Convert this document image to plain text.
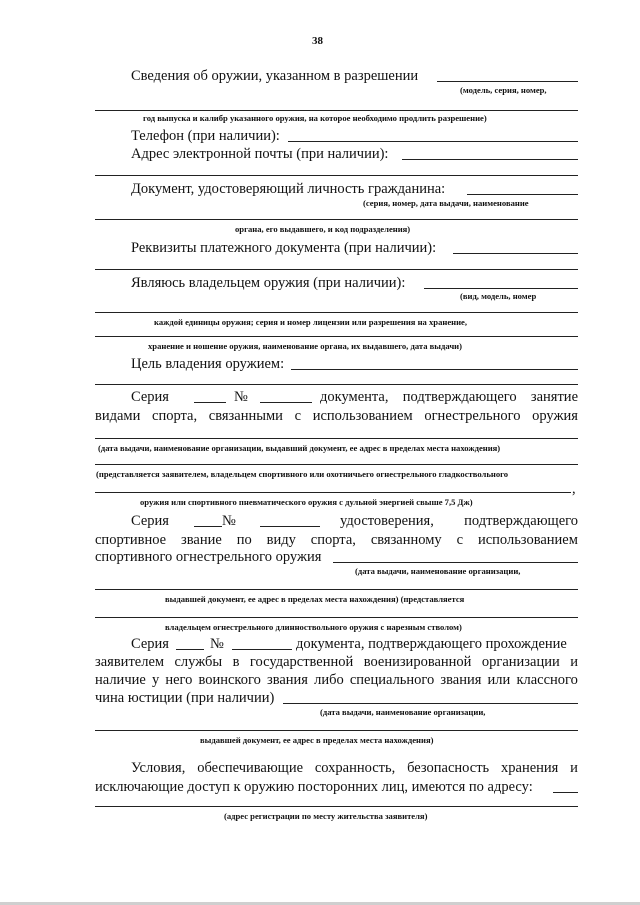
38
Сведения об оружии, указанном в разрешении
(модель, серия, номер,
год выпуска и калибр указанного оружия, на которое необходимо продлить разрешение)
Телефон (при наличии):
Адрес электронной почты (при наличии):
Документ, удостоверяющий личность гражданина:
(серия, номер, дата выдачи, наименование
органа, его выдавшего, и код подразделения)
Реквизиты платежного документа (при наличии):
Являюсь владельцем оружия (при наличии):
(вид, модель, номер
каждой единицы оружия; серия и номер лицензии или разрешения на хранение,
хранение и ношение оружия, наименование органа, их выдавшего, дата выдачи)
Цель владения оружием:
Серия	№	документа, подтверждающего занятие
видами спорта, связанными с использованием огнестрельного оружия
(дата выдачи, наименование организации, выдавший документ, ее адрес в пределах места нахождения)
(представляется заявителем, владельцем спортивного или охотничьего огнестрельного гладкоствольного
,
оружия или спортивного пневматического оружия с дульной энергией свыше 7,5 Дж)
Серия	№	удостоверения, подтверждающего
спортивное звание по виду спорта, связанному с использованием
спортивного огнестрельного оружия
(дата выдачи, наименование организации,
выдавшей документ, ее адрес в пределах места нахождения) (представляется
владельцем огнестрельного длинноствольного оружия с нарезным стволом)
Серия	№	документа, подтверждающего прохождение
заявителем службы в государственной военизированной организации и
наличие у него воинского звания либо специального звания или классного
чина юстиции (при наличии)
(дата выдачи, наименование организации,
выдавшей документ, ее адрес в пределах места нахождения)
Условия, обеспечивающие сохранность, безопасность хранения и
исключающие доступ к оружию посторонних лиц, имеются по адресу:
(адрес регистрации по месту жительства заявителя)
